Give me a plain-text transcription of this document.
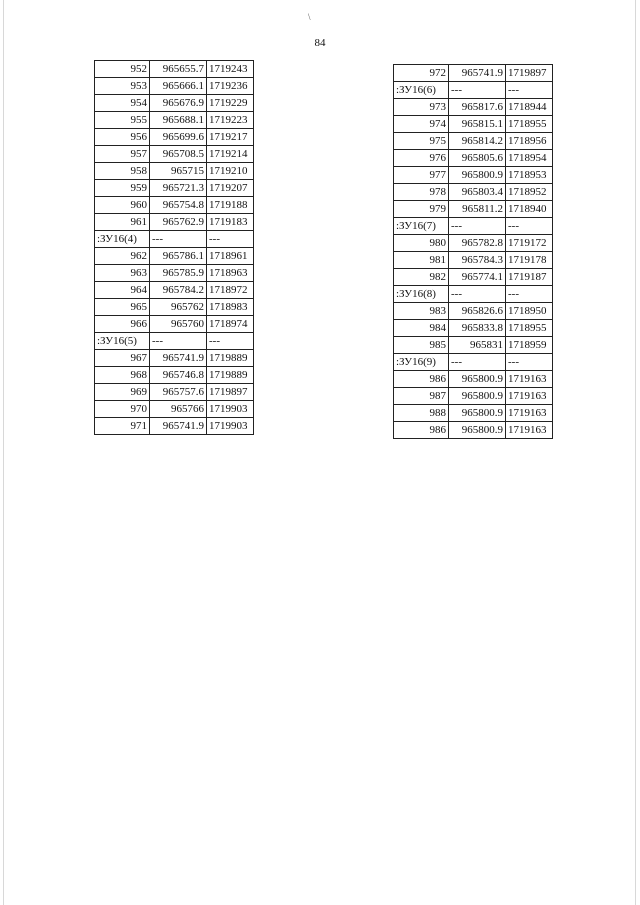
\
84
952	965655.7	1719243
953	965666.1	1719236
954	965676.9	1719229
955	965688.1	1719223
956	965699.6	1719217
957	965708.5	1719214
958	965715	1719210
959	965721.3	1719207
960	965754.8	1719188
961	965762.9	1719183
:ЗУ16(4)	---	---
962	965786.1	1718961
963	965785.9	1718963
964	965784.2	1718972
965	965762	1718983
966	965760	1718974
:ЗУ16(5)	---	---
967	965741.9	1719889
968	965746.8	1719889
969	965757.6	1719897
970	965766	1719903
971	965741.9	1719903
972	965741.9	1719897
:ЗУ16(6)	---	---
973	965817.6	1718944
974	965815.1	1718955
975	965814.2	1718956
976	965805.6	1718954
977	965800.9	1718953
978	965803.4	1718952
979	965811.2	1718940
:ЗУ16(7)	---	---
980	965782.8	1719172
981	965784.3	1719178
982	965774.1	1719187
:ЗУ16(8)	---	---
983	965826.6	1718950
984	965833.8	1718955
985	965831	1718959
:ЗУ16(9)	---	---
986	965800.9	1719163
987	965800.9	1719163
988	965800.9	1719163
986	965800.9	1719163
